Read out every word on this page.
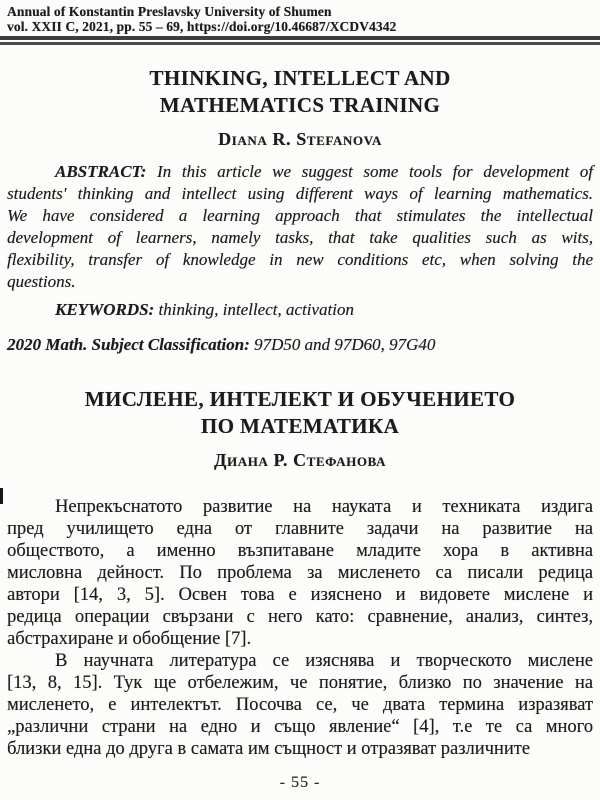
Annual of Konstantin Preslavsky University of Shumen
vol. XXII C, 2021, pp. 55 – 69, https://doi.org/10.46687/XCDV4342
THINKING, INTELLECT AND MATHEMATICS TRAINING
Diana R. Stefanova
ABSTRACT: In this article we suggest some tools for development of
students' thinking and intellect using different ways of learning mathematics.
We have considered a learning approach that stimulates the intellectual
development of learners, namely tasks, that take qualities such as wits,
flexibility, transfer of knowledge in new conditions etc, when solving the
questions.
KEYWORDS: thinking, intellect, activation
2020 Math. Subject Classification: 97D50 and 97D60, 97G40
МИСЛЕНЕ, ИНТЕЛЕКТ И ОБУЧЕНИЕТО ПО МАТЕМАТИКА
Диана Р. Стефанова
Непрекъснатото развитие на науката и техниката издига
пред училището една от главните задачи на развитие на
обществото, а именно възпитаване младите хора в активна
мисловна дейност. По проблема за мисленето са писали редица
автори [14, 3, 5]. Освен това е изяснено и видовете мислене и
редица операции свързани с него като: сравнение, анализ, синтез,
абстрахиране и обобщение [7].
В научната литература се изяснява и творческото мислене
[13, 8, 15]. Тук ще отбележим, че понятие, близко по значение на
мисленето, е интелектът. Посочва се, че двата термина изразяват
„различни страни на едно и също явление“ [4], т.е те са много
близки една до друга в самата им същност и отразяват различните
- 55 -
